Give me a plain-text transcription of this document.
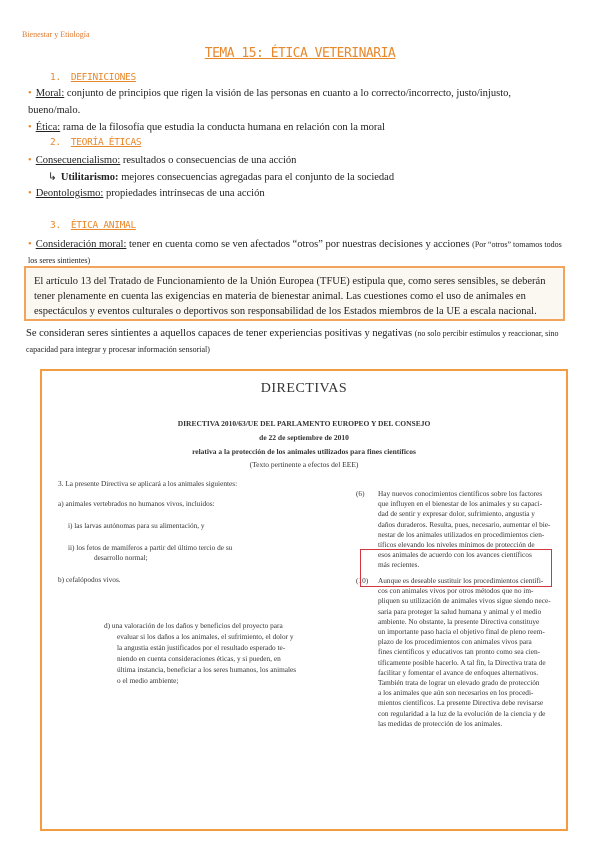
Bienestar y Etiología
TEMA 15: ÉTICA VETERINARIA
1. DEFINICIONES
• Moral: conjunto de principios que rigen la visión de las personas en cuanto a lo correcto/incorrecto, justo/injusto,
bueno/malo.
• Ética: rama de la filosofía que estudia la conducta humana en relación con la moral
2. TEORÍA ÉTICAS
• Consecuencialismo: resultados o consecuencias de una acción
↳ Utilitarismo: mejores consecuencias agregadas para el conjunto de la sociedad
• Deontologismo: propiedades intrínsecas de una acción
3. ÉTICA ANIMAL
• Consideración moral: tener en cuenta como se ven afectados “otros” por nuestras decisiones y acciones (Por “otros” tomamos todos
los seres sintientes)
El artículo 13 del Tratado de Funcionamiento de la Unión Europea (TFUE) estipula que, como seres sensibles, se deberán tener plenamente en cuenta las exigencias en materia de bienestar animal. Las cuestiones como el uso de animales en espectáculos y eventos culturales o deportivos son responsabilidad de los Estados miembros de la UE a escala nacional.
Se consideran seres sintientes a aquellos capaces de tener experiencias positivas y negativas (no solo percibir estímulos y reaccionar, sino
capacidad para integrar y procesar información sensorial)
DIRECTIVAS
DIRECTIVA 2010/63/UE DEL PARLAMENTO EUROPEO Y DEL CONSEJO
de 22 de septiembre de 2010
relativa a la protección de los animales utilizados para fines científicos
(Texto pertinente a efectos del EEE)
3. La presente Directiva se aplicará a los animales siguientes:
a) animales vertebrados no humanos vivos, incluidos:
i) las larvas autónomas para su alimentación, y
ii) los fetos de mamíferos a partir del último tercio de su
desarrollo normal;
b) cefalópodos vivos.
d) una valoración de los daños y beneficios del proyecto para
evaluar si los daños a los animales, el sufrimiento, el dolor y
la angustia están justificados por el resultado esperado te-
niendo en cuenta consideraciones éticas, y si pueden, en
última instancia, beneficiar a los seres humanos, los animales
o el medio ambiente;
(6) Hay nuevos conocimientos científicos sobre los factores
que influyen en el bienestar de los animales y su capaci-
dad de sentir y expresar dolor, sufrimiento, angustia y
daños duraderos. Resulta, pues, necesario, aumentar el bie-
nestar de los animales utilizados en procedimientos cien-
tíficos elevando los niveles mínimos de protección de
esos animales de acuerdo con los avances científicos
más recientes.
(10) Aunque es deseable sustituir los procedimientos científi-
cos con animales vivos por otros métodos que no im-
pliquen su utilización de animales vivos sigue siendo nece-
saria para proteger la salud humana y animal y el medio
ambiente. No obstante, la presente Directiva constituye
un importante paso hacia el objetivo final de pleno reem-
plazo de los procedimientos con animales vivos para
fines científicos y educativos tan pronto como sea cien-
tíficamente posible hacerlo. A tal fin, la Directiva trata de
facilitar y fomentar el avance de enfoques alternativos.
También trata de lograr un elevado grado de protección
a los animales que aún son necesarios en los procedi-
mientos científicos. La presente Directiva debe revisarse
con regularidad a la luz de la evolución de la ciencia y de
las medidas de protección de los animales.
